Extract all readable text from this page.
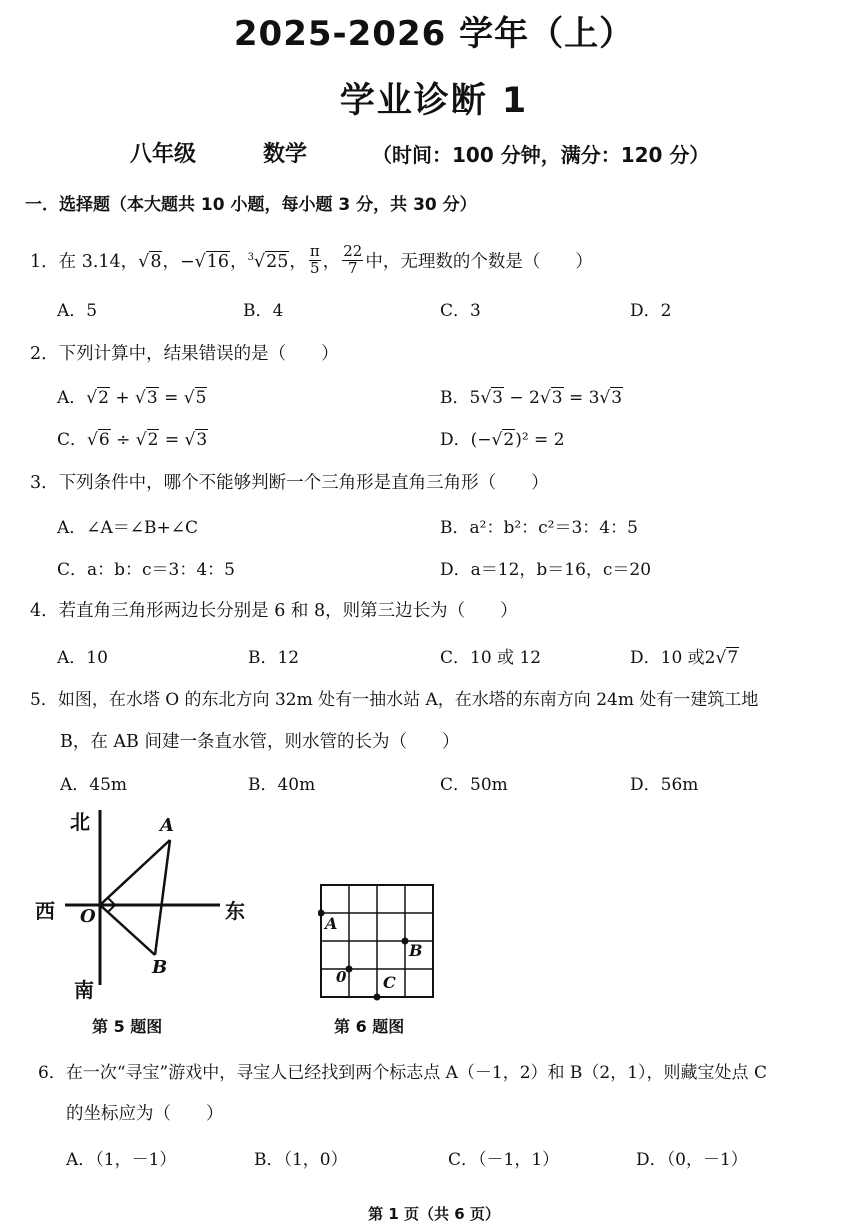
2025-2026 学年（上）
学业诊断 1
八年级	数学	（时间：100 分钟，满分：120 分）
一．选择题（本大题共 10 小题，每小题 3 分，共 30 分）
1．在 3.14，√8，−√16，$^3$√25， $\frac{\pi}{5}$ ， $\frac{22}{7}$ 中，无理数的个数是（　　）
A．5	B．4	C．3	D．2
2．下列计算中，结果错误的是（　　）
A．√2 + √3 = √5	B．5√3 − 2√3 = 3√3
C．√6 ÷ √2 = √3	D．(−√2)² = 2
3．下列条件中，哪个不能够判断一个三角形是直角三角形（　　）
A．∠A＝∠B+∠C	B．a²：b²：c²＝3：4：5
C．a：b：c＝3：4：5	D．a＝12，b＝16，c＝20
4．若直角三角形两边长分别是 6 和 8，则第三边长为（　　）
A．10	B．12	C．10 或 12	D．10 或2√7
5．如图，在水塔 O 的东北方向 32m 处有一抽水站 A，在水塔的东南方向 24m 处有一建筑工地
B，在 AB 间建一条直水管，则水管的长为（　　）
A．45m	B．40m	C．50m	D．56m
北
西	东
南
A
B
O
第 5 题图
A
B
0 C
第 6 题图
6．在一次“寻宝”游戏中，寻宝人已经找到两个标志点 A（－1，2）和 B（2，1），则藏宝处点 C
的坐标应为（　　）
A．（1，－1）	B．（1，0）	C．（－1，1）	D．（0，－1）
第 1 页（共 6 页）
